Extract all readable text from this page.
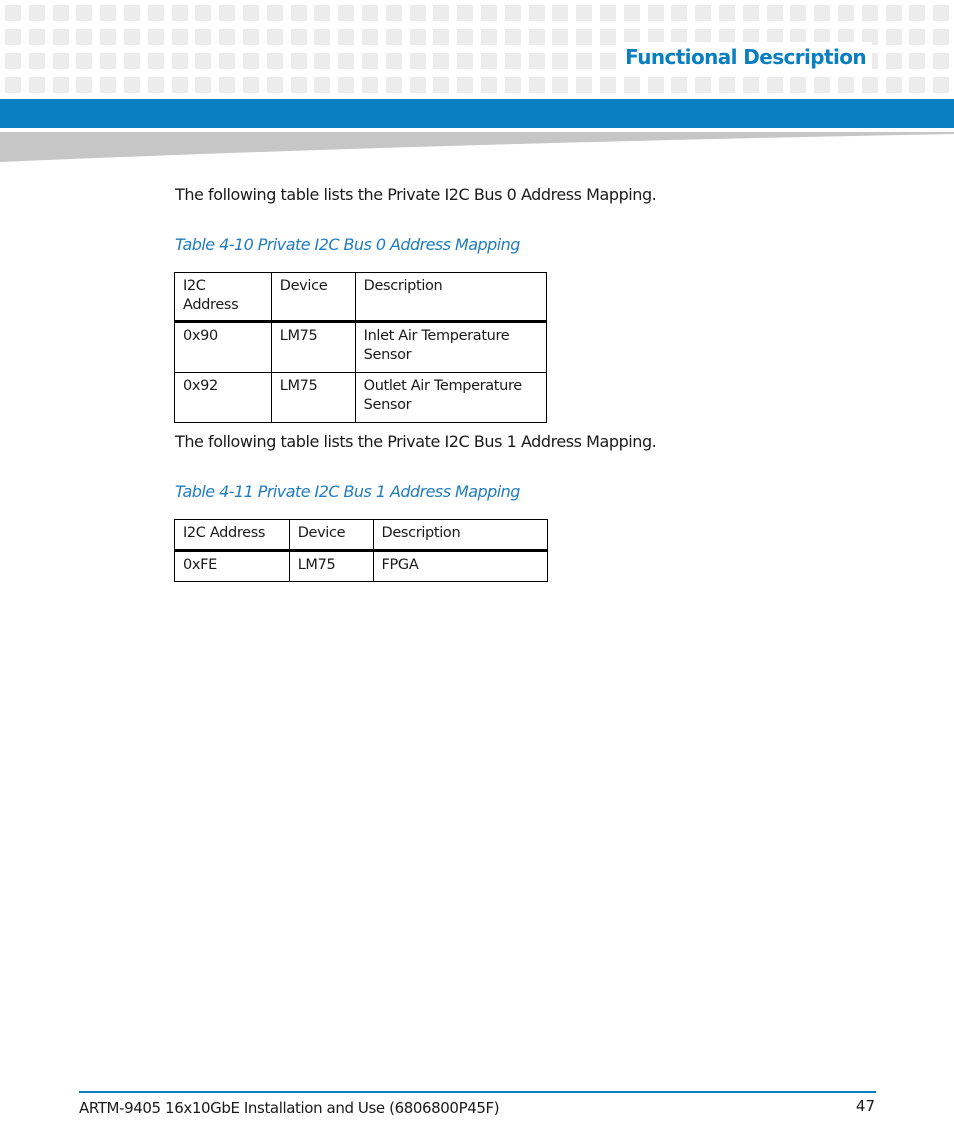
Functional Description
The following table lists the Private I2C Bus 0 Address Mapping.
Table 4-10 Private I2C Bus 0 Address Mapping
I2C Address	Device	Description
0x90	LM75	Inlet Air Temperature Sensor
0x92	LM75	Outlet Air Temperature Sensor
The following table lists the Private I2C Bus 1 Address Mapping.
Table 4-11 Private I2C Bus 1 Address Mapping
I2C Address	Device	Description
0xFE	LM75	FPGA
ARTM-9405 16x10GbE Installation and Use (6806800P45F)	47
